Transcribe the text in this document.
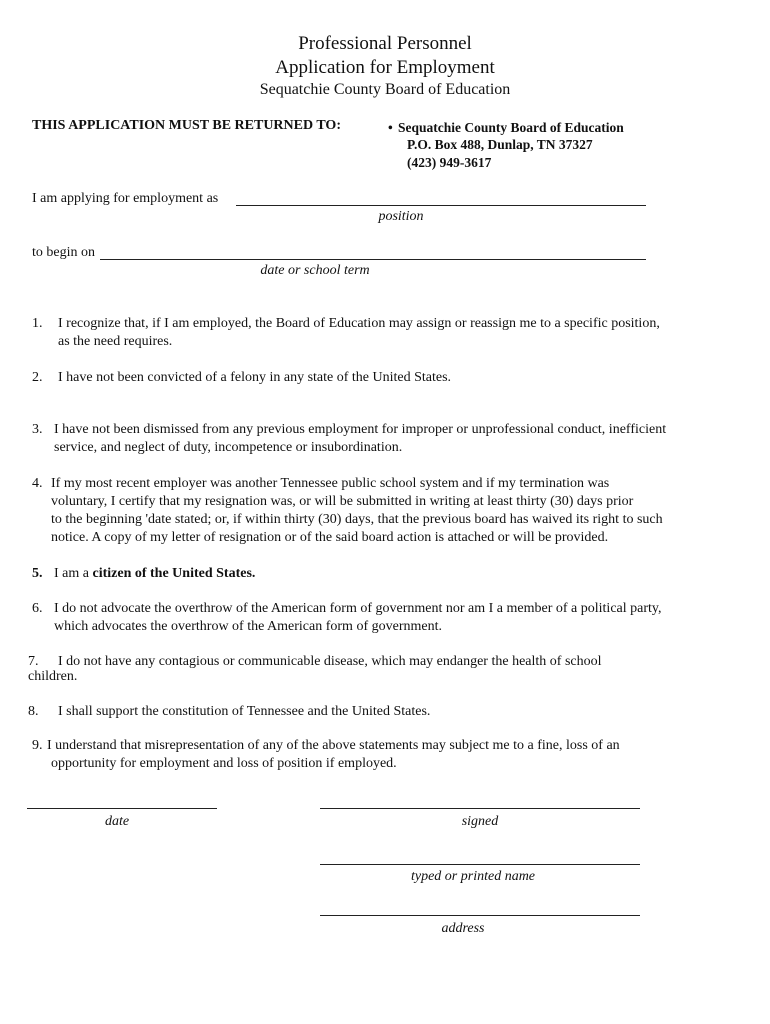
Professional Personnel
Application for Employment
Sequatchie County Board of Education
THIS APPLICATION MUST BE RETURNED TO:	• Sequatchie County Board of Education
P.O. Box 488, Dunlap, TN 37327
(423) 949-3617
I am applying for employment as
position
to begin on
date or school term
1. I recognize that, if I am employed, the Board of Education may assign or reassign me to a specific position,
as the need requires.
2. I have not been convicted of a felony in any state of the United States.
3. I have not been dismissed from any previous employment for improper or unprofessional conduct, inefficient
service, and neglect of duty, incompetence or insubordination.
4. If my most recent employer was another Tennessee public school system and if my termination was
voluntary, I certify that my resignation was, or will be submitted in writing at least thirty (30) days prior
to the beginning 'date stated; or, if within thirty (30) days, that the previous board has waived its right to such
notice. A copy of my letter of resignation or of the said board action is attached or will be provided.
5. I am a citizen of the United States.
6. I do not advocate the overthrow of the American form of government nor am I a member of a political party,
which advocates the overthrow of the American form of government.
7. I do not have any contagious or communicable disease, which may endanger the health of school
children.
8. I shall support the constitution of Tennessee and the United States.
9. I understand that misrepresentation of any of the above statements may subject me to a fine, loss of an
opportunity for employment and loss of position if employed.
date	signed
typed or printed name
address
